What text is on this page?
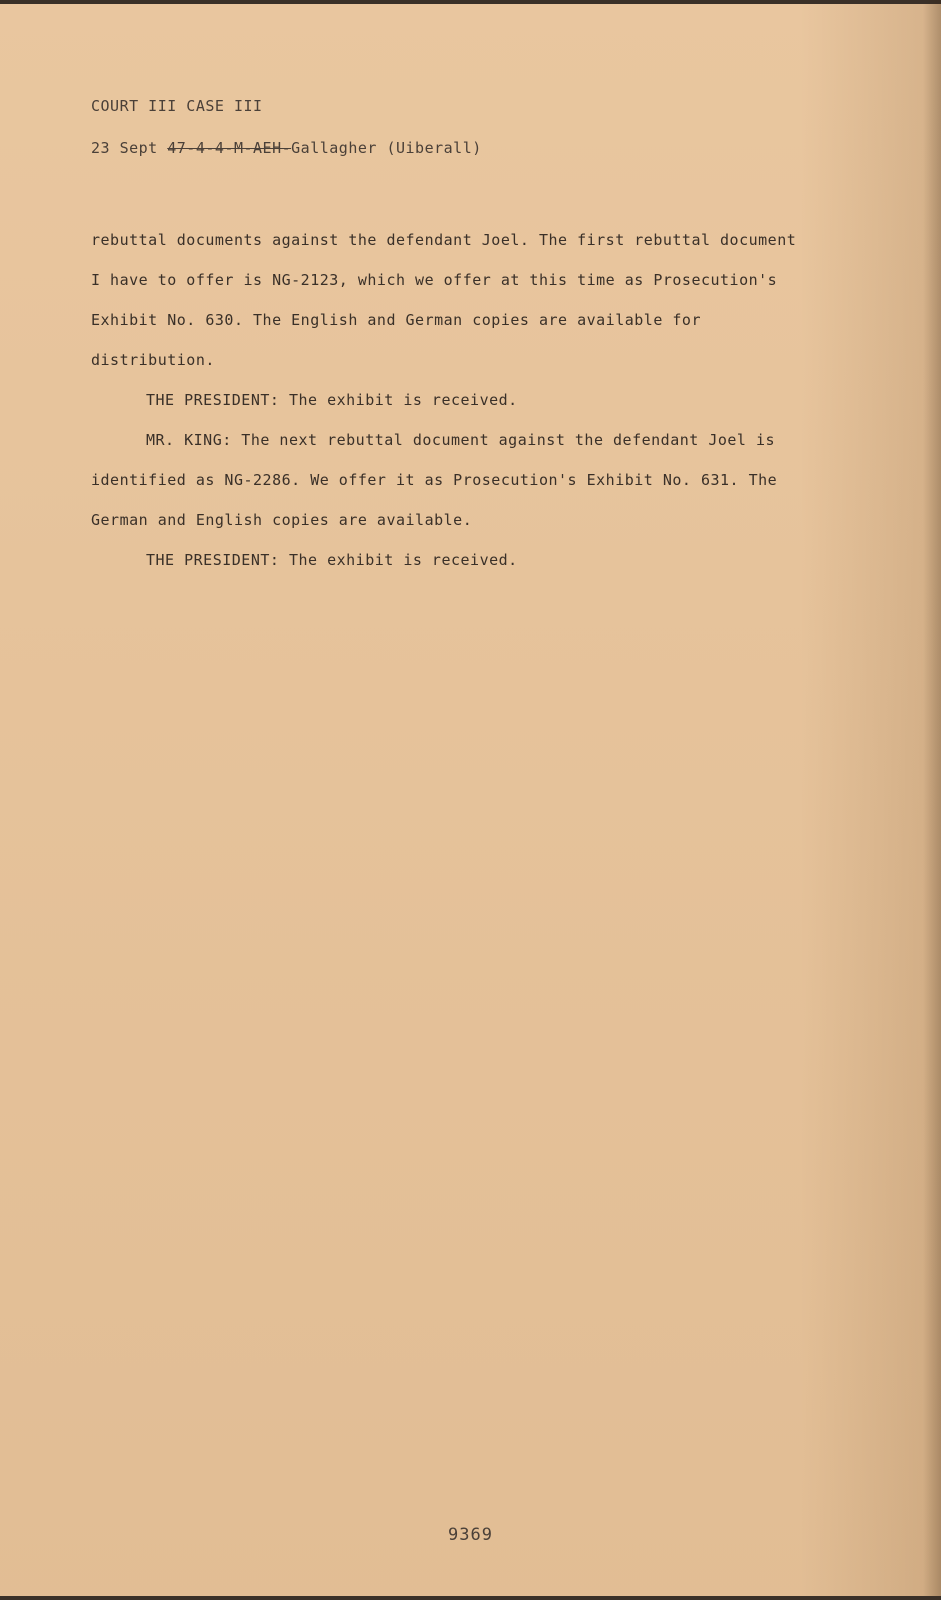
COURT III CASE III
23 Sept 47-4-4-M-AEH-Gallagher (Uiberall)

rebuttal documents against the defendant Joel. The first rebuttal document I have to offer is NG-2123, which we offer at this time as Prosecution's Exhibit No. 630. The English and German copies are available for distribution.

THE PRESIDENT: The exhibit is received.

MR. KING: The next rebuttal document against the defendant Joel is identified as NG-2286. We offer it as Prosecution's Exhibit No. 631. The German and English copies are available.

THE PRESIDENT: The exhibit is received.

9369
